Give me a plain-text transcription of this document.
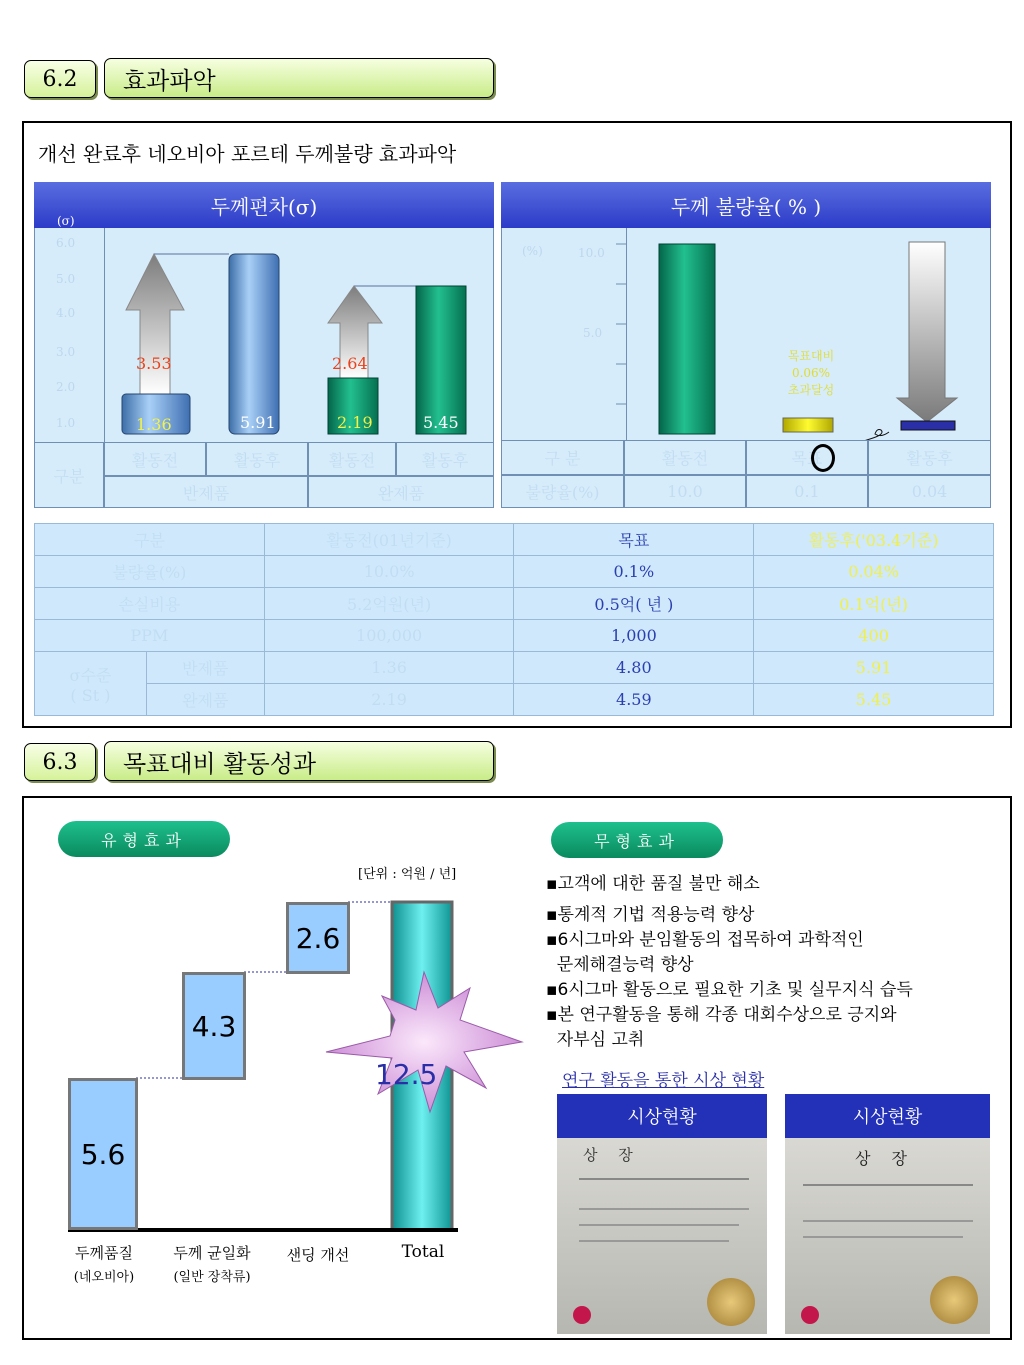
6.2	효과파악
개선 완료후 네오비아 포르테 두께불량 효과파악
두께편차(σ)
(σ)
6.0
5.0
4.0
3.0
2.0
1.0
3.53	2.64
1.36	5.91	2.19	5.45
구분
활동전	활동후	활동전	활동후
반제품	완제품
두께 불량율( % )
(%)	10.0
5.0
목표대비
0.06%
초과달성
구 분	활동전	목표	활동후
불량율(%)	10.0	0.1	0.04
구분		활동전(01년기준)	목표	활동후('03.4기준)
불량율(%)		10.0%	0.1%	0.04%
손실비용		5.2억원(년)	0.5억( 년 )	0.1억(년)
PPM		100,000	1,000	400

σ수준
( St )	반제품	1.36	4.80	5.91
	완제품	2.19	4.59	5.45
6.3	목표대비 활동성과
유형효과
[단위 : 억원 / 년]
5.6
4.3
2.6
12.5
두께품질
(네오비아)
두께 균일화
(일반 장착류)
샌딩 개선	Total
무형효과
▪고객에 대한 품질 불만 해소
▪통계적 기법 적용능력 향상
▪6시그마와 분임활동의 접목하여 과학적인
문제해결능력 향상
▪6시그마 활동으로 필요한 기초 및 실무지식 습득
▪본 연구활동을 통해 각종 대회수상으로 긍지와
자부심 고취
연구 활동을 통한 시상 현황
시상현황
상 장
시상현황
상 장
